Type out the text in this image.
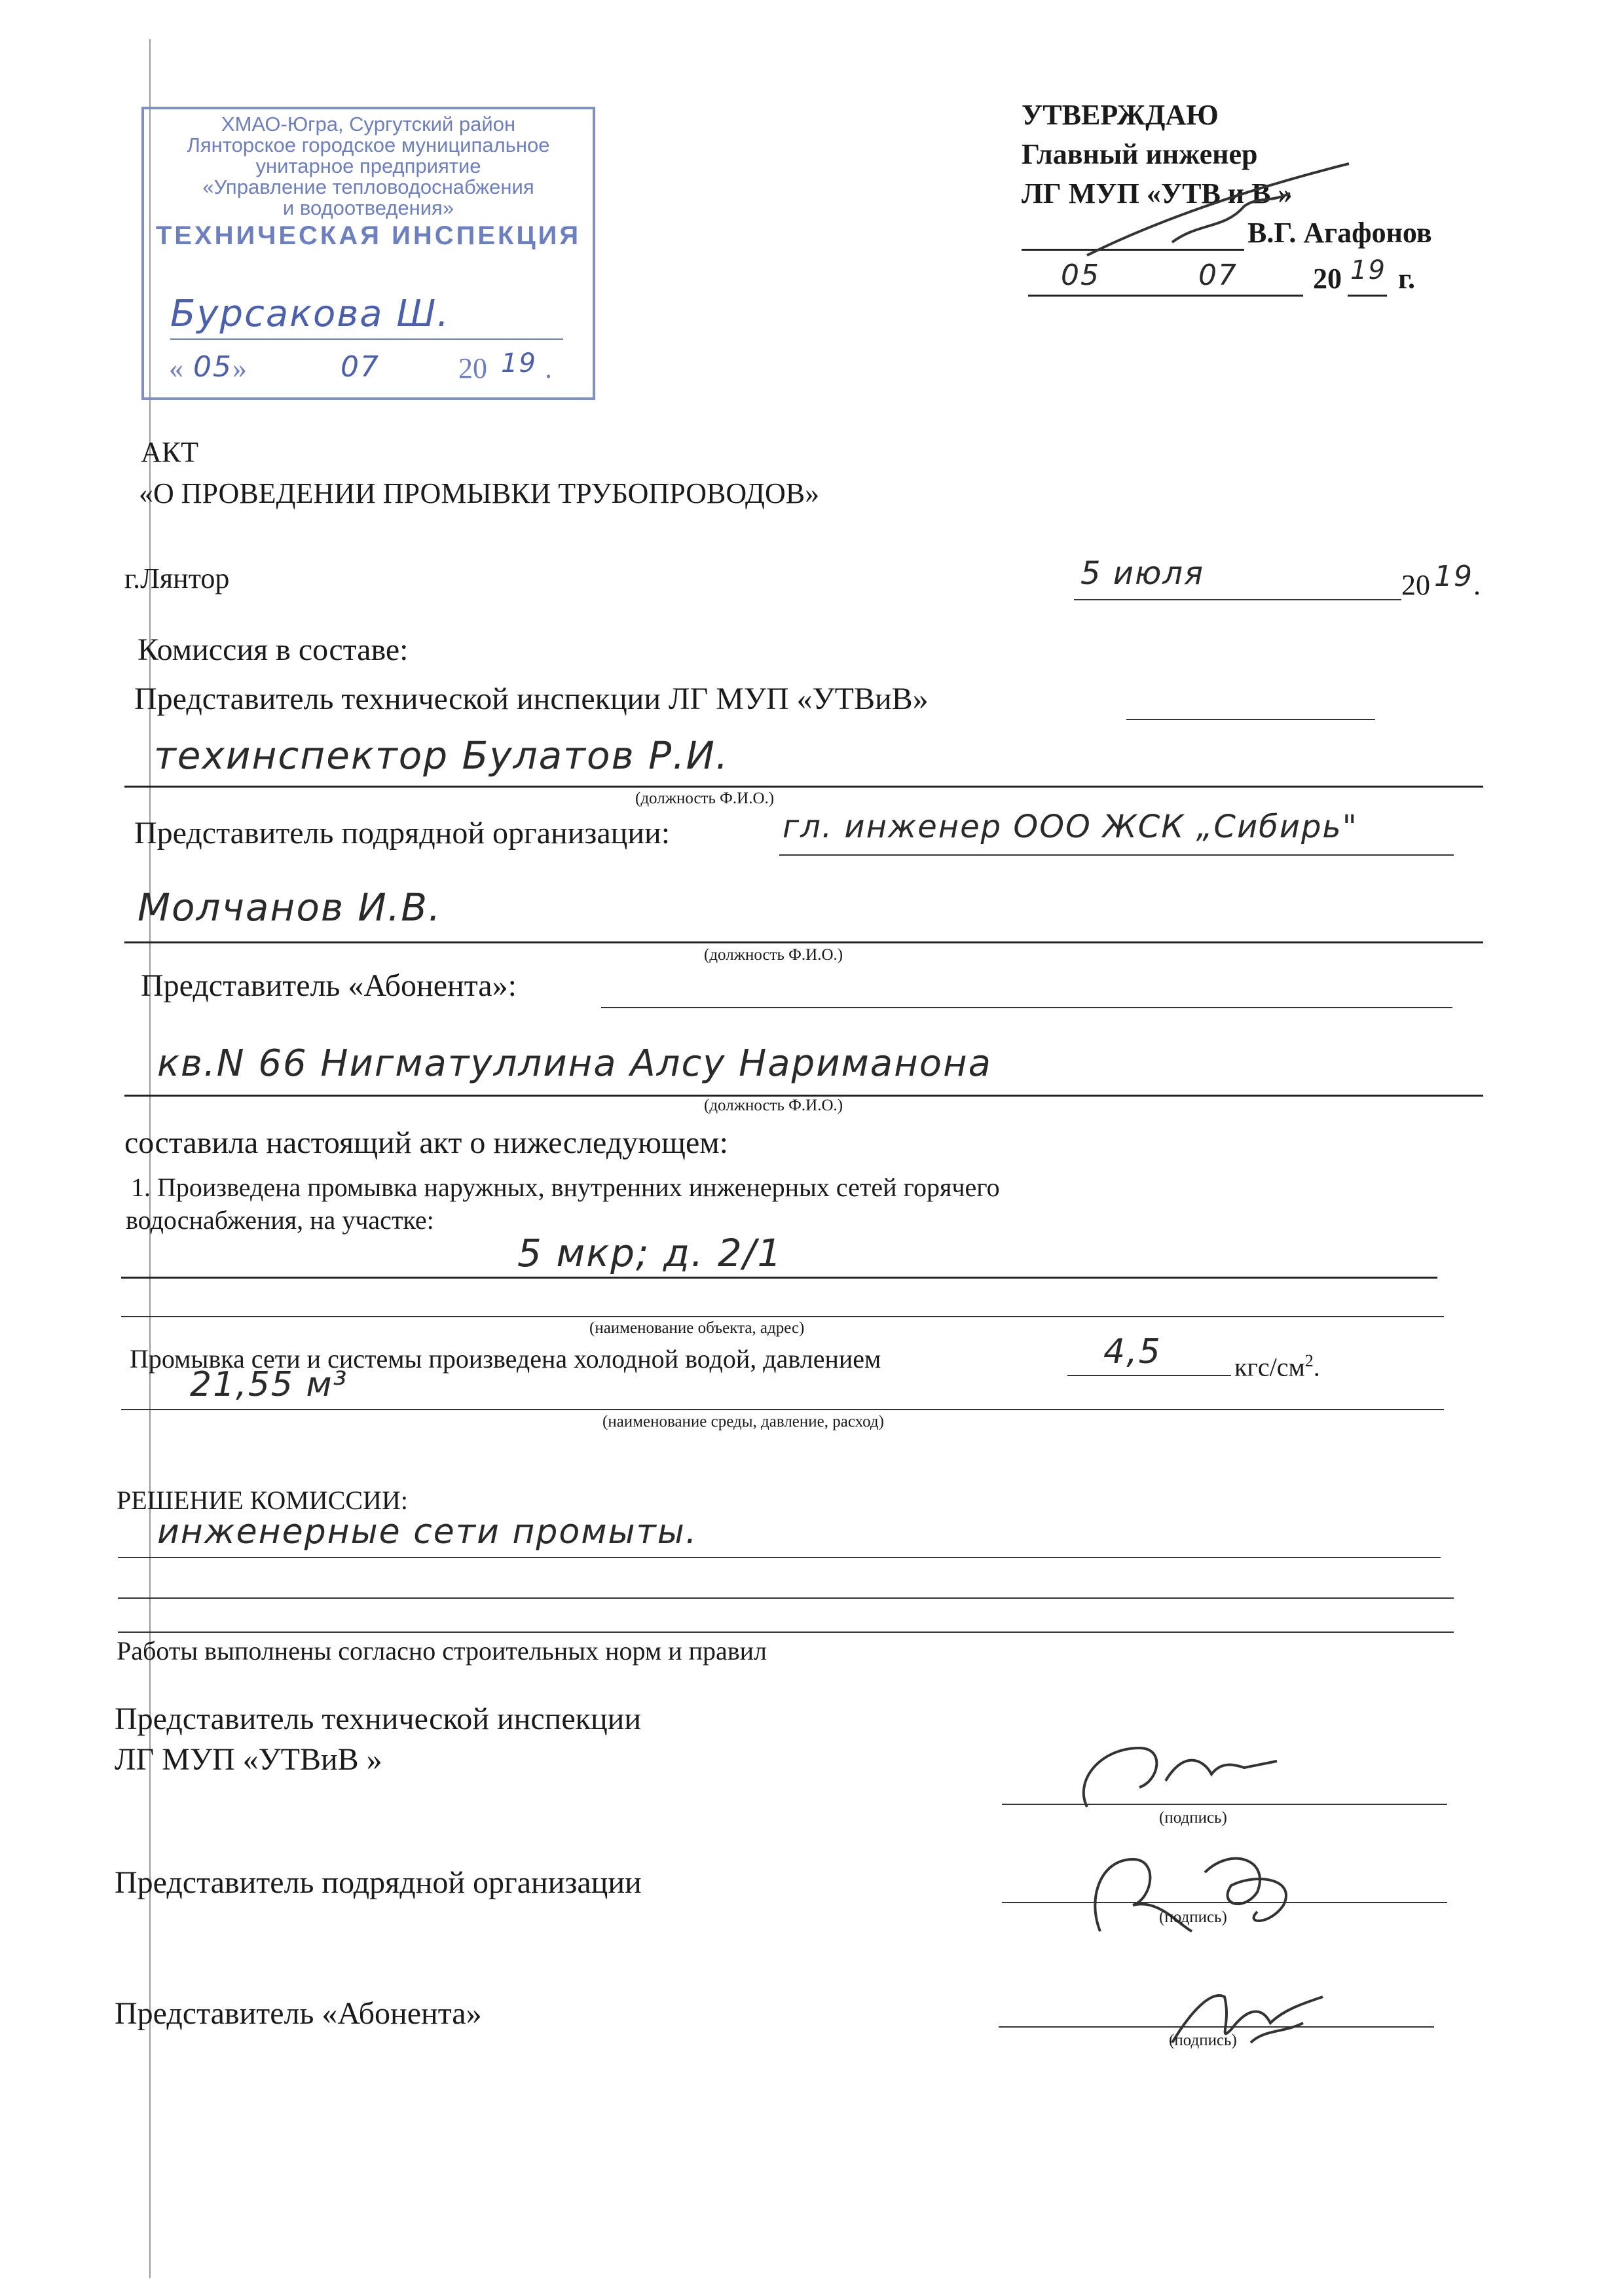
ХМАО-Югра, Сургутский район
Лянторское городское муниципальное
унитарное предприятие
«Управление тепловодоснабжения
и водоотведения»
ТЕХНИЧЕСКАЯ ИНСПЕКЦИЯ
Бурсакова Ш.
« 05 »	07	20 19 .
УТВЕРЖДАЮ
Главный инженер
ЛГ МУП «УТВ и В »
В.Г. Агафонов
05	07	20 19 г.
АКТ
«О ПРОВЕДЕНИИ ПРОМЫВКИ ТРУБОПРОВОДОВ»
г.Лянтор	5 июля	20 19 .
Комиссия в составе:
Представитель технической инспекции ЛГ МУП «УТВиВ»
техинспектор Булатов Р.И.
(должность Ф.И.О.)
Представитель подрядной организации:	гл. инженер ООО ЖСК „Сибирь"
Молчанов И.В.
(должность Ф.И.О.)
Представитель «Абонента»:
кв.N 66 Нигматуллина Алсу Нариманона
(должность Ф.И.О.)
составила настоящий акт о нижеследующем:
1. Произведена промывка наружных, внутренних инженерных сетей горячего
водоснабжения, на участке:
5 мкр; д. 2/1
(наименование объекта, адрес)
Промывка сети и системы произведена холодной водой, давлением	4,5	кгс/$см^2$.
21,55 м³
(наименование среды, давление, расход)
РЕШЕНИЕ КОМИССИИ:
инженерные сети промыты.
Работы выполнены согласно строительных норм и правил
Представитель технической инспекции
ЛГ МУП «УТВиВ »
(подпись)
Представитель подрядной организации
(подпись)
Представитель «Абонента»
(подпись)
